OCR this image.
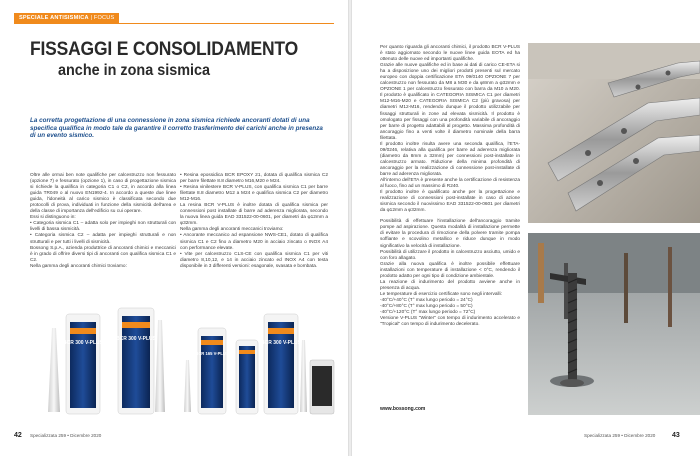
SPECIALE ANTISISMICA | FOCUS
FISSAGGI E CONSOLIDAMENTO
anche in zona sismica
La corretta progettazione di una connessione in zona sismica richiede ancoranti dotati di una specifica qualifica in modo tale da garantire il corretto trasferimento dei carichi anche in presenza di un evento sismico.

Oltre alle ormai ben note qualifiche per calcestruzzo non fessurato (opzione 7) e fessurato (opzione 1), in caso di progettazione sismica si richiede la qualifica in categoria C1 o C2, in accordo alla linea guida TR049 o al nuovo EN1992-4. In accordo a queste due linee guida, l'idoneità al carico sismico è classificata secondo due protocolli di prova, individuati in funzione della sismicità dell'area e della classe di importanza dell'edificio su cui operare.

Essi si distinguono in:

• Categoria sismica C1 – adatta solo per impieghi non strutturali con livelli di bassa sismicità.

• Categoria sismica C2 – adatta per impieghi strutturali e non strutturali e per tutti i livelli di sismicità.

Bossong S.p.A., azienda produttrice di ancoranti chimici e meccanici è in grado di offrire diversi tipi di ancoranti con qualifica sismica C1 e C2.

Nella gamma degli ancoranti chimici troviamo:

• Resina epossidica BCR EPOXY 21, dotata di qualifica sismica C2 per barre filettate 8.8 diametro M16,M20 e M24.

• Resina vinilestere BCR V-PLUS, con qualifica sismica C1 per barre filettate 8.8 diametro M12 a M24 e qualifica sismica C2 per diametro M12-M16.

La resina BCR V-PLUS è inoltre dotata di qualifica sismica per connessioni post installate di barre ad aderenza migliorata, secondo la nuova linea guida EAD 331522-00-0601, per diametri da φ12mm a φ32mm.

Nella gamma degli ancoranti meccanici troviamo:

• Ancorante meccanico ad espansione NWS-CE1, dotato di qualifica sismica C1 e C2 fino a diametro M20 in acciaio zincato o INOX A4 con performance elevate.

• Vite per calcestruzzo CLS-CE con qualifica sismica C1 per viti diametro 8,10,12, e 14 in acciaio zincato ed INOX A4 con testa disponibile in 3 differenti versioni: esagonale, svasata e bombata.

BCR 300 V-PLUS
BCR 300 V-PLUS
BCR 165 V-PLUS
BCR 300 V-PLUS
42 Specializzata 259 • Dicembre 2020

Per quanto riguarda gli ancoranti chimici, il prodotto BCR V-PLUS è stato aggiornato secondo le nuove linee guida EOTA ed ha ottenuto delle nuove ed importanti qualifiche.

Grazie alle nuove qualifiche ed in base ai dati di carico CE-ETA si ha a disposizione uno dei migliori prodotti presenti sul mercato europeo con doppia certificazione ETA 09/0140 OPZIONE 7 per calcestruzzo non fessurato da M8 a M30 e da φ8mm a φ32mm e OPZIONE 1 per calcestruzzo fessurato con barra da M10 a M20. Il prodotto è qualificato in CATEGORIA SISMICA C1 per diametri M12-M16-M20 e CATEGORIA SISMICA C2 (più gravosa) per diametri M12-M16, rendendo dunque il prodotto utilizzabile per fissaggi strutturali in zone ad elevata sismicità. Il prodotto è omologato per fissaggi con una profondità variabile di ancoraggio per barre di progetto adattabili al progetto. Massima profondità di ancoraggio fino a venti volte il diametro nominale della barra filettata.

Il prodotto inoltre risulta avere una seconda qualifica, l'ETA-09/0246, relativa alla qualifica per barre ad aderenza migliorata (diametro da 8mm a 32mm) per connessioni post-installate in calcestruzzo armato. Riduzione della minima profondità di ancoraggio per la realizzazione di connessione post-installate di barre ad aderenza migliorata.

All'interno dell'ETA è presente anche la certificazione di resistenza al fuoco, fino ad un massimo di R240.

Il prodotto inoltre è qualificato anche per la progettazione e realizzazione di connessioni post-installate in caso di azione sismica secondo il nuovissimo EAD 331522-00-0601 per diametri da φ12mm a φ32mm.

Possibilità di effettuare l'installazione dell'ancoraggio tramite pompe ad aspirazione. Questa modalità di installazione permette di evitare la procedura di rimozione della polvere tramite pompa soffiante e scovolino metallico e riduce dunque in modo significativo la velocità di installazione.

Possibilità di utilizzare il prodotto in calcestruzzo asciutto, umido e con foro allagato.

Grazie alla nuova qualifica è inoltre possibile effettuare installazioni con temperature di installazione < 0°C, rendendo il prodotto adatto per ogni tipo di condizione ambientale.

La reazione di indurimento del prodotto avviene anche in presenza di acqua.

Le temperature di esercizio certificate sono negli intervalli:

-40°C/+40°C (T° max lungo periodo = 24°C)

-40°C/+80°C (T° max lungo periodo = 50°C)

-40°C/+120°C (T° max lungo periodo = 72°C)

Versione V-PLUS "Winter" con tempo di indurimento accelerato e "Tropical" con tempo di indurimento decelerato.

www.bossong.com
Specializzata 259 • Dicembre 2020 43
